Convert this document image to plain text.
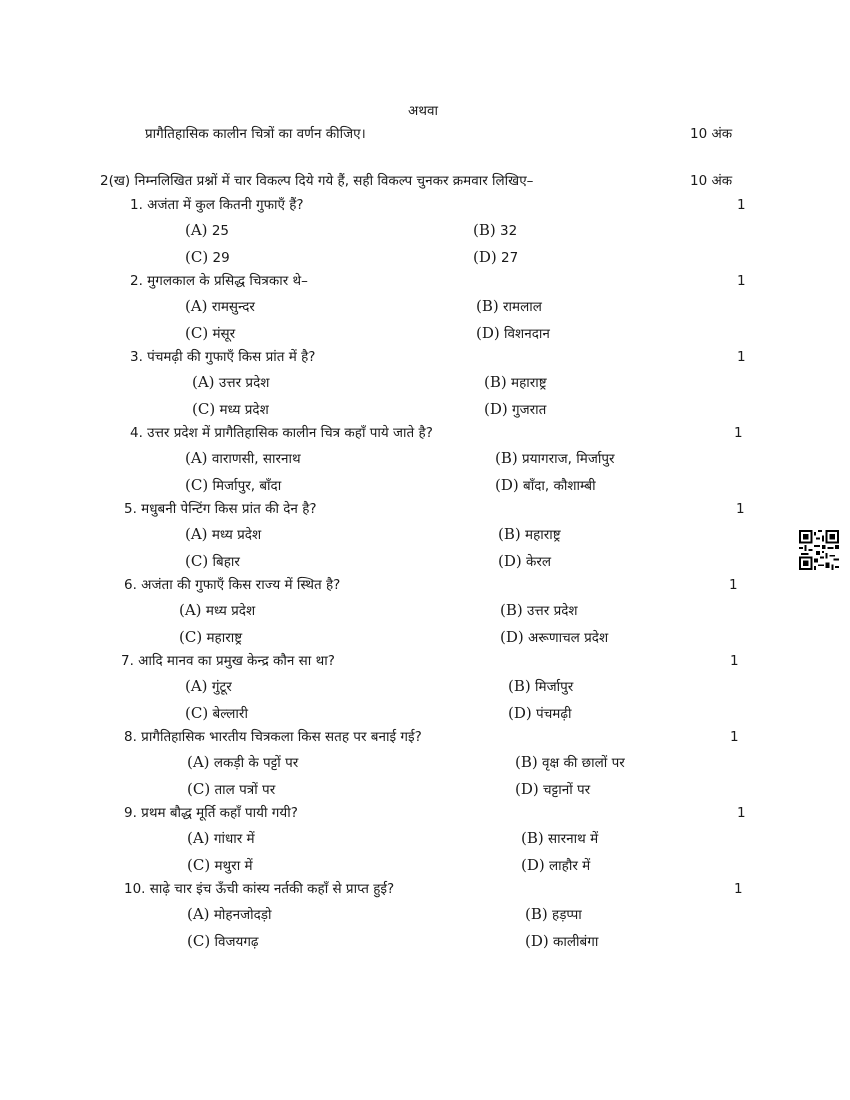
अथवा
प्रागैतिहासिक कालीन चित्रों का वर्णन कीजिए।	10 अंक
2(ख) निम्नलिखित प्रश्नों में चार विकल्प दिये गये हैं, सही विकल्प चुनकर क्रमवार लिखिए–	10 अंक
1. अजंता में कुल कितनी गुफाएँ हैं?	1
(A) 25	(B) 32
(C) 29	(D) 27
2. मुगलकाल के प्रसिद्ध चित्रकार थे–	1
(A) रामसुन्दर	(B) रामलाल
(C) मंसूर	(D) विशनदान
3. पंचमढ़ी की गुफाएँ किस प्रांत में है?	1
(A) उत्तर प्रदेश	(B) महाराष्ट्र
(C) मध्य प्रदेश	(D) गुजरात
4. उत्तर प्रदेश में प्रागैतिहासिक कालीन चित्र कहाँ पाये जाते है?	1
(A) वाराणसी, सारनाथ	(B) प्रयागराज, मिर्जापुर
(C) मिर्जापुर, बाँदा	(D) बाँदा, कौशाम्बी
5. मधुबनी पेन्टिंग किस प्रांत की देन है?	1
(A) मध्य प्रदेश	(B) महाराष्ट्र
(C) बिहार	(D) केरल
6. अजंता की गुफाएँ किस राज्य में स्थित है?	1
(A) मध्य प्रदेश	(B) उत्तर प्रदेश
(C) महाराष्ट्र	(D) अरूणाचल प्रदेश
7. आदि मानव का प्रमुख केन्द्र कौन सा था?	1
(A) गुंटूर	(B) मिर्जापुर
(C) बेल्लारी	(D) पंचमढ़ी
8. प्रागैतिहासिक भारतीय चित्रकला किस सतह पर बनाई गई?	1
(A) लकड़ी के पट्टों पर	(B) वृक्ष की छालों पर
(C) ताल पत्रों पर	(D) चट्टानों पर
9. प्रथम बौद्ध मूर्ति कहाँ पायी गयी?	1
(A) गांधार में	(B) सारनाथ में
(C) मथुरा में	(D) लाहौर में
10. साढ़े चार इंच ऊँची कांस्य नर्तकी कहाँ से प्राप्त हुई?	1
(A) मोहनजोदड़ो	(B) हड़प्पा
(C) विजयगढ़	(D) कालीबंगा
